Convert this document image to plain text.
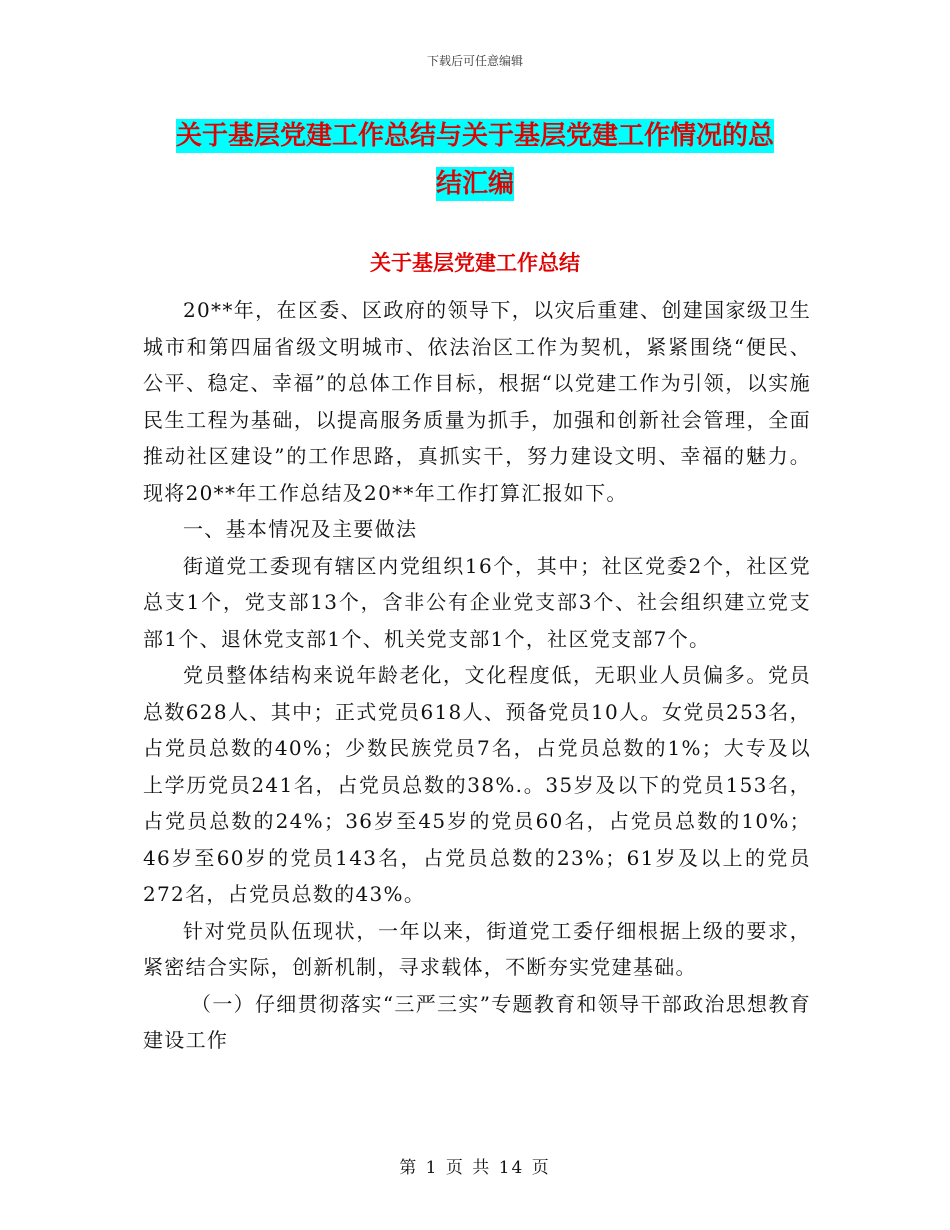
下载后可任意编辑
关于基层党建工作总结与关于基层党建工作情况的总
结汇编
关于基层党建工作总结

20**年，在区委、区政府的领导下，以灾后重建、创建国家级卫生城市和第四届省级文明城市、依法治区工作为契机，紧紧围绕“便民、公平、稳定、幸福”的总体工作目标，根据“以党建工作为引领，以实施民生工程为基础，以提高服务质量为抓手，加强和创新社会管理，全面推动社区建设”的工作思路，真抓实干，努力建设文明、幸福的魅力。现将20**年工作总结及20**年工作打算汇报如下。

一、基本情况及主要做法

街道党工委现有辖区内党组织16个，其中；社区党委2个，社区党总支1个，党支部13个，含非公有企业党支部3个、社会组织建立党支部1个、退休党支部1个、机关党支部1个，社区党支部7个。

党员整体结构来说年龄老化，文化程度低，无职业人员偏多。党员总数628人、其中；正式党员618人、预备党员10人。女党员253名，占党员总数的40%；少数民族党员7名，占党员总数的1%；大专及以上学历党员241名，占党员总数的38%.。35岁及以下的党员153名，占党员总数的24%；36岁至45岁的党员60名，占党员总数的10%；46岁至60岁的党员143名，占党员总数的23%；61岁及以上的党员272名，占党员总数的43%。

针对党员队伍现状，一年以来，街道党工委仔细根据上级的要求，紧密结合实际，创新机制，寻求载体，不断夯实党建基础。

（一）仔细贯彻落实“三严三实”专题教育和领导干部政治思想教育建设工作

第 1 页 共 14 页
